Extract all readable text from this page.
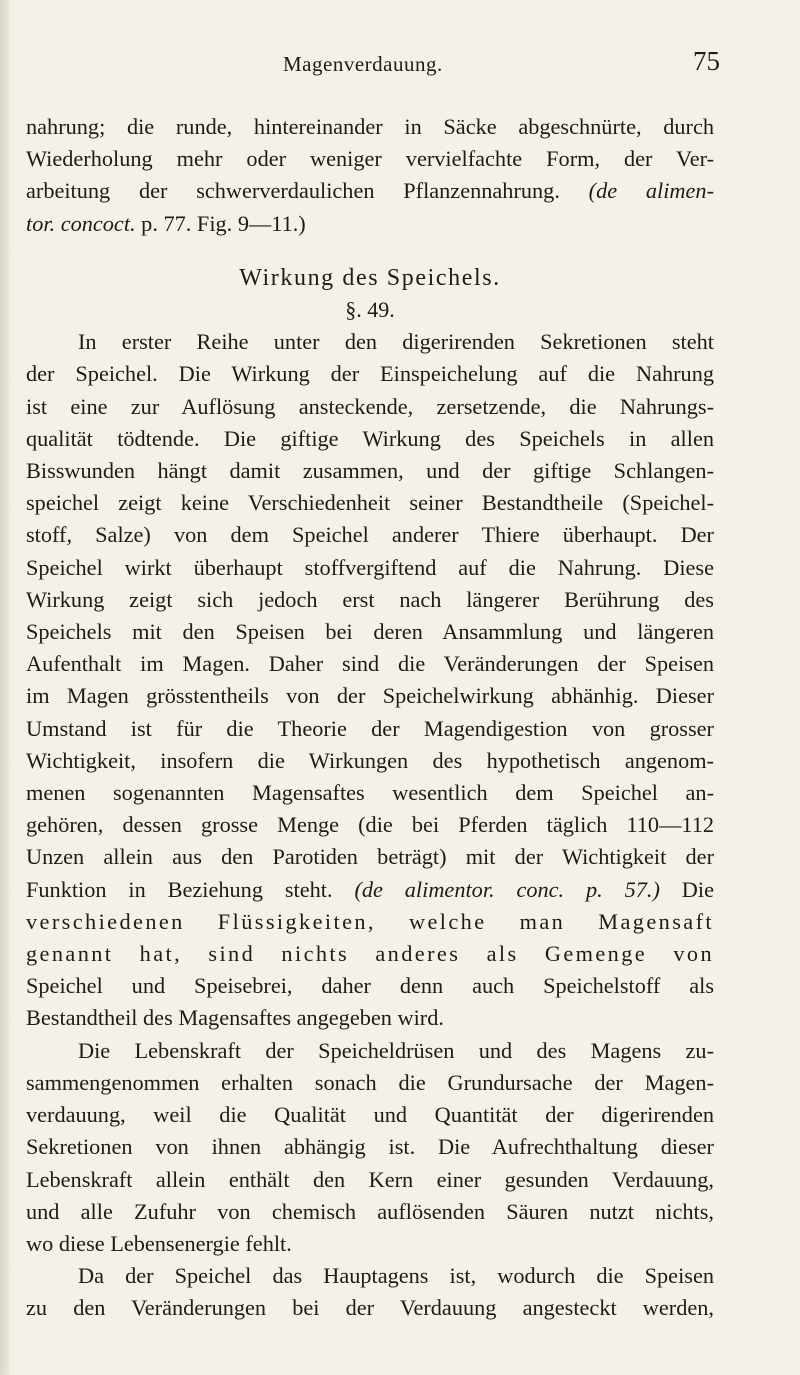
Magenverdauung.	75

nahrung; die runde, hintereinander in Säcke abgeschnürte, durch
Wiederholung mehr oder weniger vervielfachte Form, der Ver-
arbeitung der schwerverdaulichen Pflanzennahrung. (de alimen-
tor. concoct. p. 77. Fig. 9—11.)

Wirkung des Speichels.
§. 49.

In erster Reihe unter den digerirenden Sekretionen steht
der Speichel. Die Wirkung der Einspeichelung auf die Nahrung
ist eine zur Auflösung ansteckende, zersetzende, die Nahrungs-
qualität tödtende. Die giftige Wirkung des Speichels in allen
Bisswunden hängt damit zusammen, und der giftige Schlangen-
speichel zeigt keine Verschiedenheit seiner Bestandtheile (Speichel-
stoff, Salze) von dem Speichel anderer Thiere überhaupt. Der
Speichel wirkt überhaupt stoffvergiftend auf die Nahrung. Diese
Wirkung zeigt sich jedoch erst nach längerer Berührung des
Speichels mit den Speisen bei deren Ansammlung und längeren
Aufenthalt im Magen. Daher sind die Veränderungen der Speisen
im Magen grösstentheils von der Speichelwirkung abhänhig. Dieser
Umstand ist für die Theorie der Magendigestion von grosser
Wichtigkeit, insofern die Wirkungen des hypothetisch angenom-
menen sogenannten Magensaftes wesentlich dem Speichel an-
gehören, dessen grosse Menge (die bei Pferden täglich 110—112
Unzen allein aus den Parotiden beträgt) mit der Wichtigkeit der
Funktion in Beziehung steht. (de alimentor. conc. p. 57.) Die
verschiedenen Flüssigkeiten, welche man Magensaft
genannt hat, sind nichts anderes als Gemenge von
Speichel und Speisebrei, daher denn auch Speichelstoff als
Bestandtheil des Magensaftes angegeben wird.

Die Lebenskraft der Speicheldrüsen und des Magens zu-
sammengenommen erhalten sonach die Grundursache der Magen-
verdauung, weil die Qualität und Quantität der digerirenden
Sekretionen von ihnen abhängig ist. Die Aufrechthaltung dieser
Lebenskraft allein enthält den Kern einer gesunden Verdauung,
und alle Zufuhr von chemisch auflösenden Säuren nutzt nichts,
wo diese Lebensenergie fehlt.

Da der Speichel das Hauptagens ist, wodurch die Speisen
zu den Veränderungen bei der Verdauung angesteckt werden,
